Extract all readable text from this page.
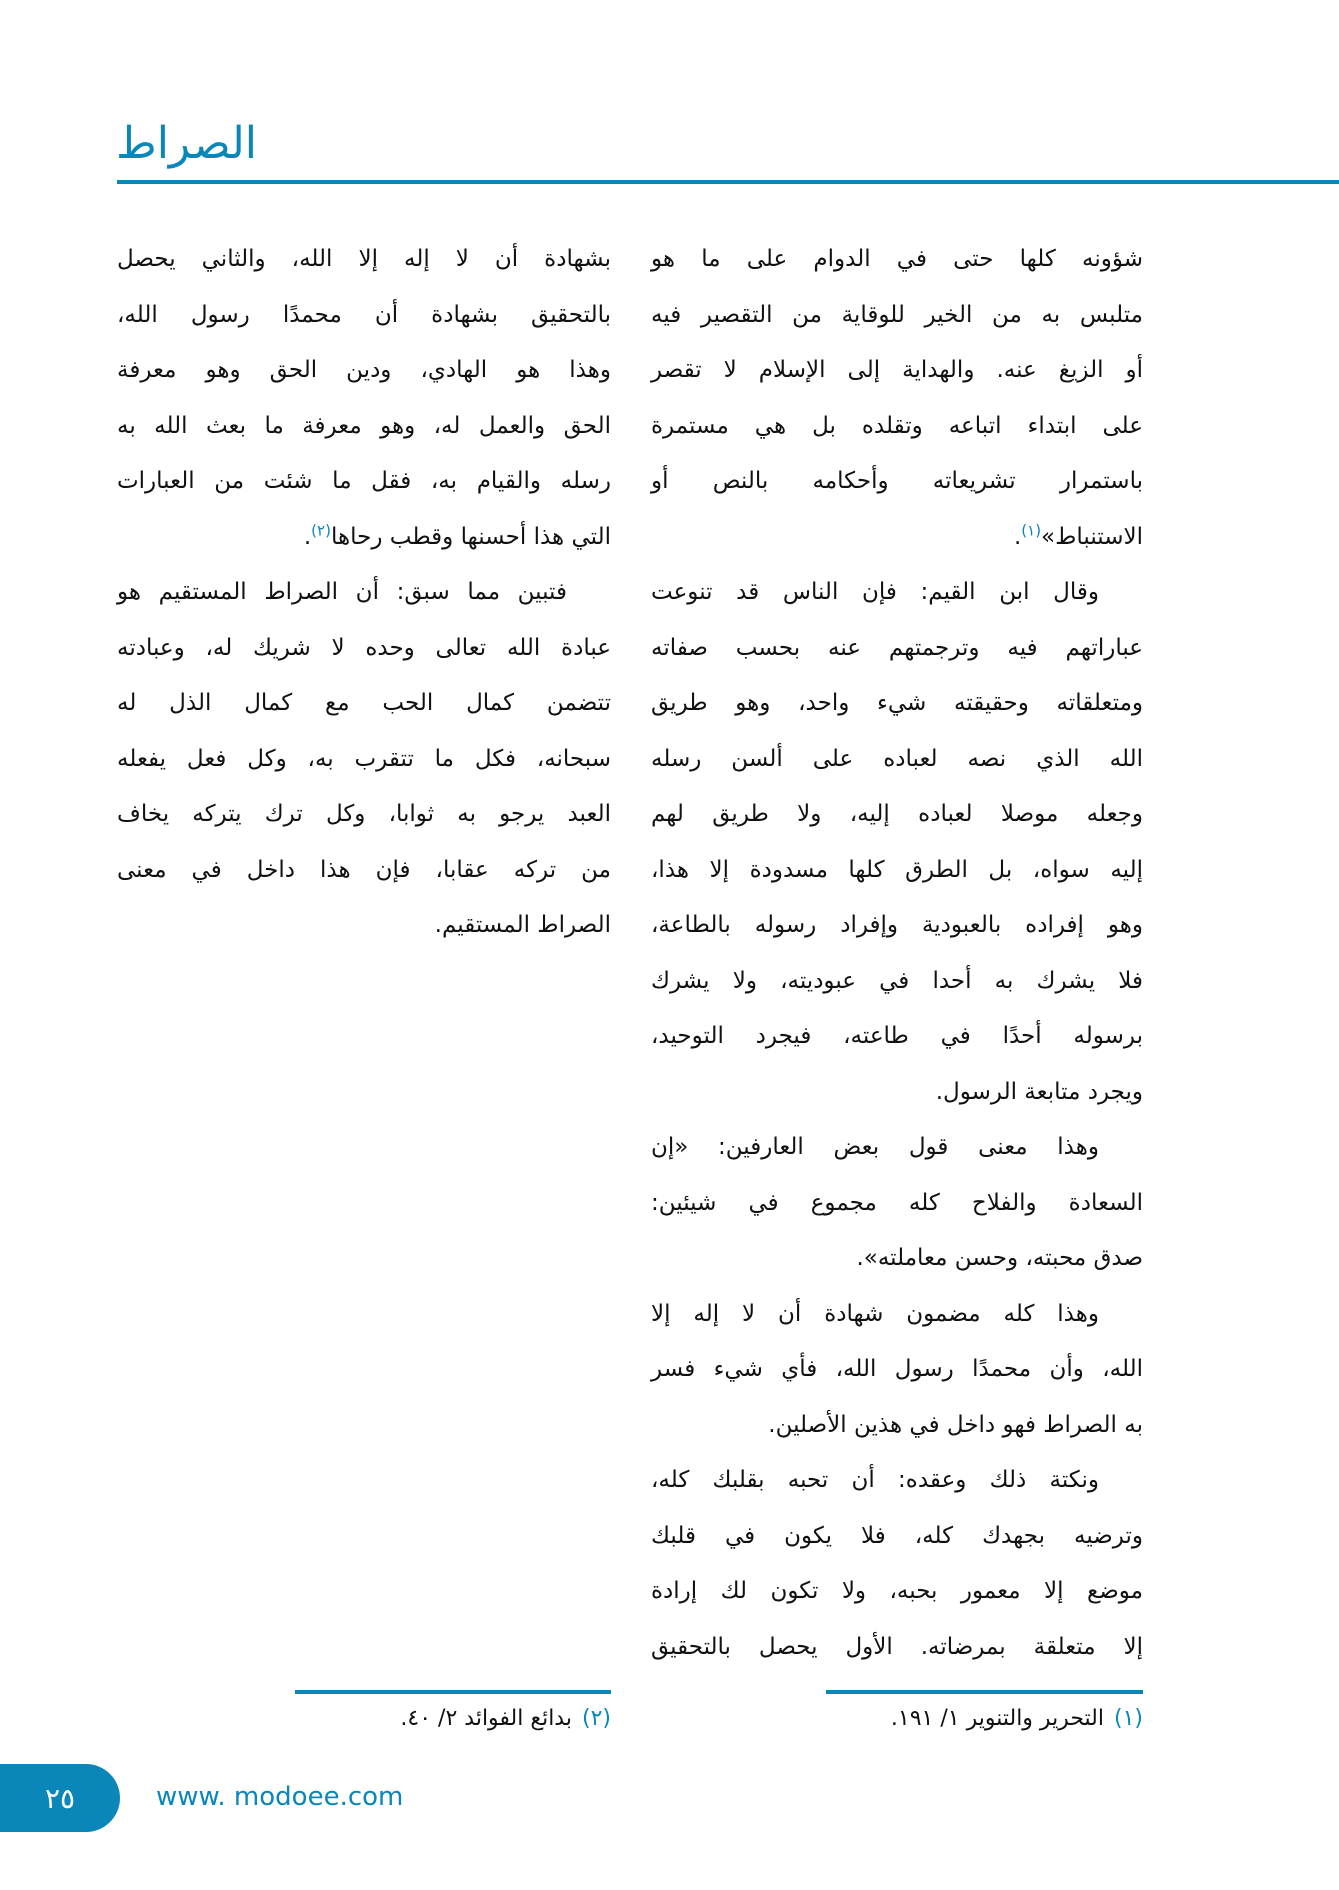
الصراط
شؤونه كلها حتى في الدوام على ما هو
متلبس به من الخير للوقاية من التقصير فيه
أو الزيغ عنه. والهداية إلى الإسلام لا تقصر
على ابتداء اتباعه وتقلده بل هي مستمرة
باستمرار تشريعاته وأحكامه بالنص أو
الاستنباط»$^{(١)}$.
وقال ابن القيم: فإن الناس قد تنوعت
عباراتهم فيه وترجمتهم عنه بحسب صفاته
ومتعلقاته وحقيقته شيء واحد، وهو طريق
الله الذي نصه لعباده على ألسن رسله
وجعله موصلا لعباده إليه، ولا طريق لهم
إليه سواه، بل الطرق كلها مسدودة إلا هذا،
وهو إفراده بالعبودية وإفراد رسوله بالطاعة،
فلا يشرك به أحدا في عبوديته، ولا يشرك
برسوله أحدًا في طاعته، فيجرد التوحيد،
ويجرد متابعة الرسول.
وهذا معنى قول بعض العارفين: «إن
السعادة والفلاح كله مجموع في شيئين:
صدق محبته، وحسن معاملته».
وهذا كله مضمون شهادة أن لا إله إلا
الله، وأن محمدًا رسول الله، فأي شيء فسر
به الصراط فهو داخل في هذين الأصلين.
ونكتة ذلك وعقده: أن تحبه بقلبك كله،
وترضيه بجهدك كله، فلا يكون في قلبك
موضع إلا معمور بحبه، ولا تكون لك إرادة
إلا متعلقة بمرضاته. الأول يحصل بالتحقيق
بشهادة أن لا إله إلا الله، والثاني يحصل
بالتحقيق بشهادة أن محمدًا رسول الله،
وهذا هو الهادي، ودين الحق وهو معرفة
الحق والعمل له، وهو معرفة ما بعث الله به
رسله والقيام به، فقل ما شئت من العبارات
التي هذا أحسنها وقطب رحاها$^{(٢)}$.
فتبين مما سبق: أن الصراط المستقيم هو
عبادة الله تعالى وحده لا شريك له، وعبادته
تتضمن كمال الحب مع كمال الذل له
سبحانه، فكل ما تتقرب به، وكل فعل يفعله
العبد يرجو به ثوابا، وكل ترك يتركه يخاف
من تركه عقابا، فإن هذا داخل في معنى
الصراط المستقيم.
(١)التحرير والتنوير ١/ ١٩١.
(٢)بدائع الفوائد ٢/ ٤٠.
٢٥	www. modoee.com
